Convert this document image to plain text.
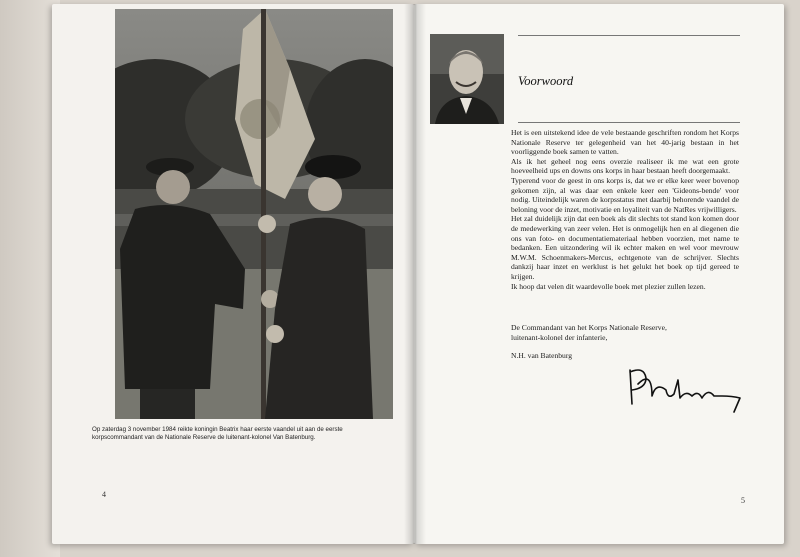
Op zaterdag 3 november 1984 reikte koningin Beatrix haar eerste vaandel uit aan de eerste korpscommandant van de Nationale Reserve de luitenant-kolonel Van Batenburg.
4
Voorwoord

Het is een uitstekend idee de vele bestaande geschriften rondom het Korps Nationale Reserve ter gelegenheid van het 40-jarig bestaan in het voorliggende boek samen te vatten.

Als ik het geheel nog eens overzie realiseer ik me wat een grote hoeveelheid ups en downs ons korps in haar bestaan heeft doorgemaakt.

Typerend voor de geest in ons korps is, dat we er elke keer weer bovenop gekomen zijn, al was daar een enkele keer een 'Gideons-bende' voor nodig. Uiteindelijk waren de korpsstatus met daarbij behorende vaandel de beloning voor de inzet, motivatie en loyaliteit van de NatRes vrijwilligers.

Het zal duidelijk zijn dat een boek als dit slechts tot stand kon komen door de medewerking van zeer velen. Het is onmogelijk hen en al diegenen die ons van foto- en documentatiemateriaal hebben voorzien, met name te bedanken. Een uitzondering wil ik echter maken en wel voor mevrouw M.W.M. Schoenmakers-Mercus, echtgenote van de schrijver. Slechts dankzij haar inzet en werklust is het gelukt het boek op tijd gereed te krijgen.

Ik hoop dat velen dit waardevolle boek met plezier zullen lezen.

De Commandant van het Korps Nationale Reserve,

luitenant-kolonel der infanterie,

N.H. van Batenburg

5
